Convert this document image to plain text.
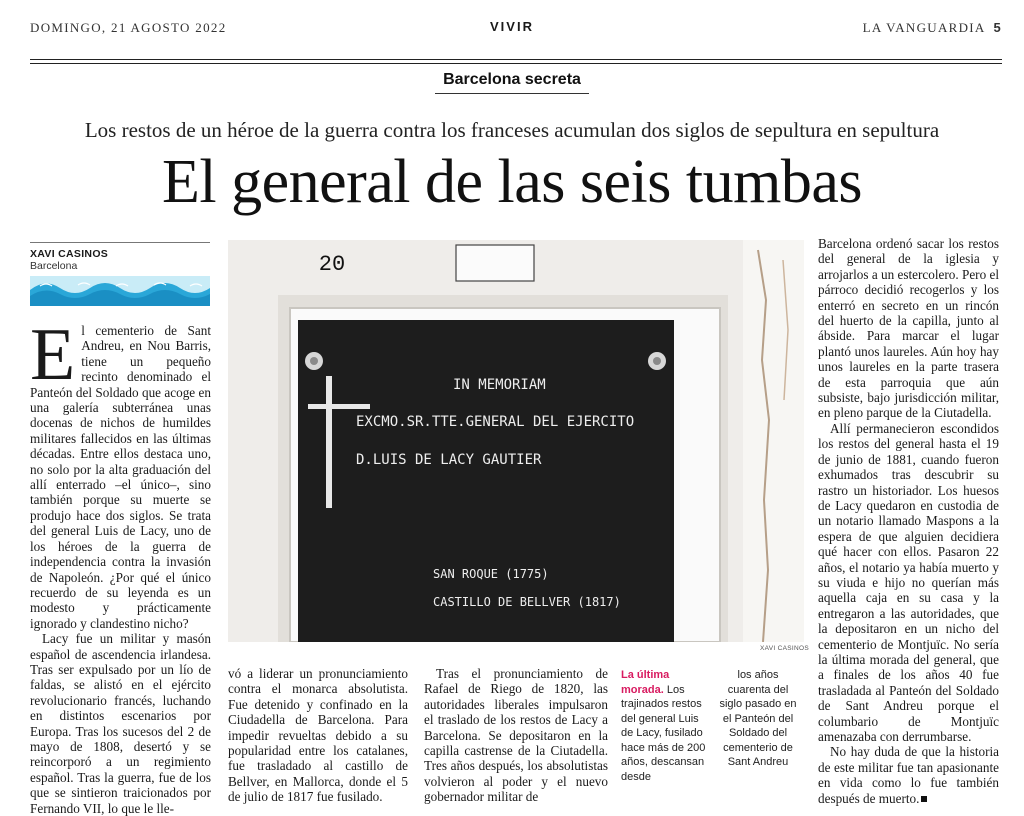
DOMINGO, 21 AGOSTO 2022	VIVIR	LA VANGUARDIA 5
Barcelona secreta
Los restos de un héroe de la guerra contra los franceses acumulan dos siglos de sepultura en sepultura
El general de las seis tumbas
XAVI CASINOS
Barcelona

El cementerio de Sant Andreu, en Nou Barris, tiene un pequeño recinto denominado el Panteón del Soldado que acoge en una galería subterránea unas docenas de nichos de humildes militares fallecidos en las últimas décadas. Entre ellos destaca uno, no solo por la alta graduación del allí enterrado –el único–, sino también porque su muerte se produjo hace dos siglos. Se trata del general Luis de Lacy, uno de los héroes de la guerra de independencia contra la invasión de Napoleón. ¿Por qué el único recuerdo de su leyenda es un modesto y prácticamente ignorado y clandestino nicho?

Lacy fue un militar y masón español de ascendencia irlandesa. Tras ser expulsado por un lío de faldas, se alistó en el ejército revolucionario francés, luchando en distintos escenarios por Europa. Tras los sucesos del 2 de mayo de 1808, desertó y se reincorporó a un regimiento español. Tras la guerra, fue de los que se sintieron traicionados por Fernando VII, lo que le lle-

20
IN MEMORIAM
EXCMO.SR.TTE.GENERAL DEL EJERCITO
D.LUIS DE LACY GAUTIER
SAN ROQUE (1775)
CASTILLO DE BELLVER (1817)
XAVI CASINOS

vó a liderar un pronunciamiento contra el monarca absolutista. Fue detenido y confinado en la Ciudadella de Barcelona. Para impedir revueltas debido a su popularidad entre los catalanes, fue trasladado al castillo de Bellver, en Mallorca, donde el 5 de julio de 1817 fue fusilado.

Tras el pronunciamiento de Rafael de Riego de 1820, las autoridades liberales impulsaron el traslado de los restos de Lacy a Barcelona. Se depositaron en la capilla castrense de la Ciutadella. Tres años después, los absolutistas volvieron al poder y el nuevo gobernador militar de

La última morada. Los trajinados restos del general Luis de Lacy, fusilado hace más de 200 años, descansan desde
los años cuarenta del siglo pasado en el Panteón del Soldado del cementerio de Sant Andreu

Barcelona ordenó sacar los restos del general de la iglesia y arrojarlos a un estercolero. Pero el párroco decidió recogerlos y los enterró en secreto en un rincón del huerto de la capilla, junto al ábside. Para marcar el lugar plantó unos laureles. Aún hoy hay unos laureles en la parte trasera de esta parroquia que aún subsiste, bajo jurisdicción militar, en pleno parque de la Ciutadella.

Allí permanecieron escondidos los restos del general hasta el 19 de junio de 1881, cuando fueron exhumados tras descubrir su rastro un historiador. Los huesos de Lacy quedaron en custodia de un notario llamado Maspons a la espera de que alguien decidiera qué hacer con ellos. Pasaron 22 años, el notario ya había muerto y su viuda e hijo no querían más aquella caja en su casa y la entregaron a las autoridades, que la depositaron en un nicho del cementerio de Montjuïc. No sería la última morada del general, que a finales de los años 40 fue trasladada al Panteón del Soldado de Sant Andreu porque el columbario de Montjuïc amenazaba con derrumbarse.

No hay duda de que la historia de este militar fue tan apasionante en vida como lo fue también después de muerto.
